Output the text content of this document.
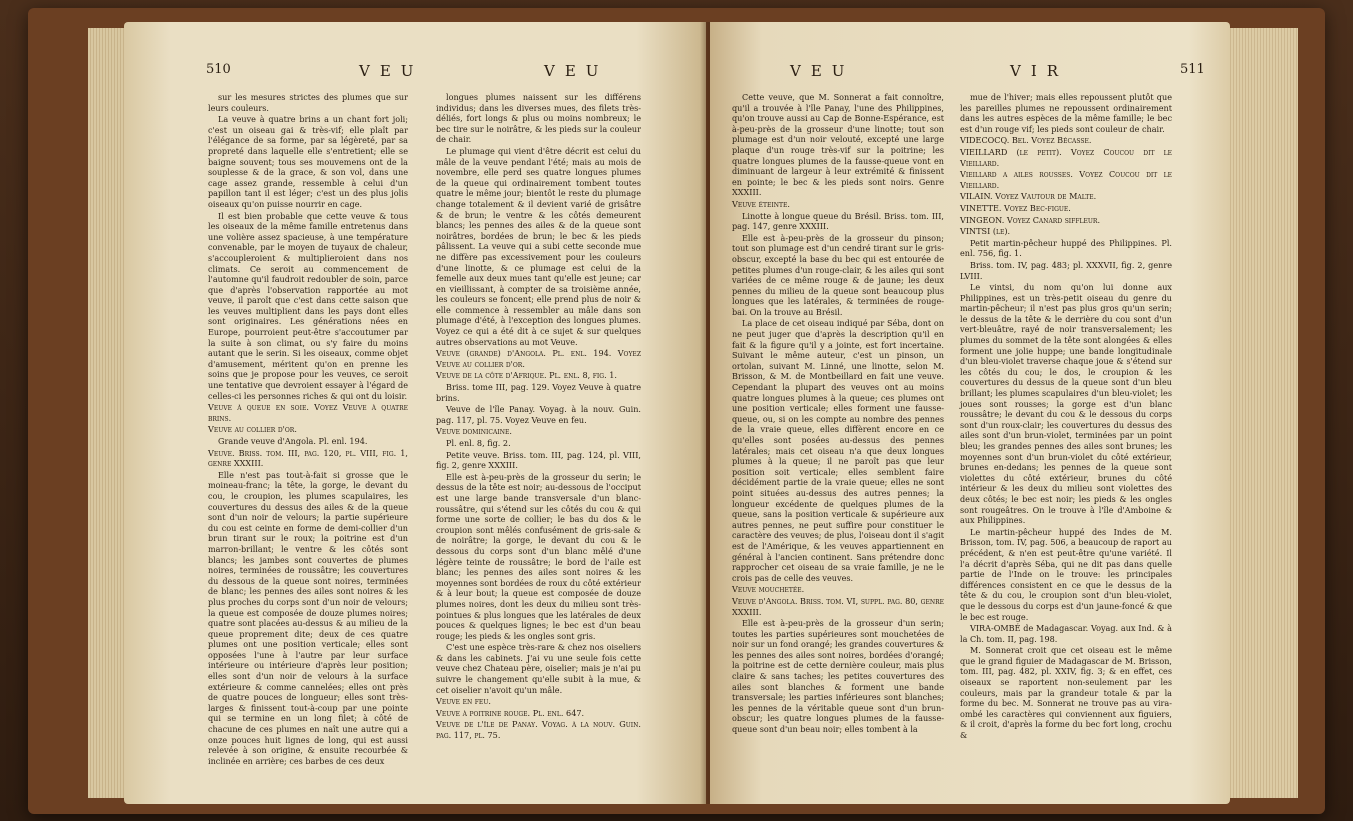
510	VEU	VEU

sur les mesures strictes des plumes que sur leurs couleurs.

La veuve à quatre brins a un chant fort joli; c'est un oiseau gai & très-vif; elle plaît par l'élégance de sa forme, par sa légèreté, par sa propreté dans laquelle elle s'entretient; elle se baigne souvent; tous ses mouvemens ont de la souplesse & de la grace, & son vol, dans une cage assez grande, ressemble à celui d'un papillon tant il est léger; c'est un des plus jolis oiseaux qu'on puisse nourrir en cage.

Il est bien probable que cette veuve & tous les oiseaux de la même famille entretenus dans une volière assez spacieuse, à une température convenable, par le moyen de tuyaux de chaleur, s'accoupleroient & multiplieroient dans nos climats. Ce seroit au commencement de l'automne qu'il faudroit redoubler de soin, parce que d'après l'observation rapportée au mot veuve, il paroît que c'est dans cette saison que les veuves multiplient dans les pays dont elles sont originaires. Les générations nées en Europe, pourroient peut-être s'accoutumer par la suite à son climat, ou s'y faire du moins autant que le serin. Si les oiseaux, comme objet d'amusement, méritent qu'on en prenne les soins que je propose pour les veuves, ce seroit une tentative que devroient essayer à l'égard de celles-ci les personnes riches & qui ont du loisir.

Veuve à queue en soie. Voyez Veuve à quatre brins.

Veuve au collier d'or.

Grande veuve d'Angola. Pl. enl. 194.

Veuve. Briss. tom. III, pag. 120, pl. VIII, fig. 1, genre XXXIII.

Elle n'est pas tout-à-fait si grosse que le moineau-franc; la tête, la gorge, le devant du cou, le croupion, les plumes scapulaires, les couvertures du dessus des ailes & de la queue sont d'un noir de velours; la partie supérieure du cou est ceinte en forme de demi-collier d'un brun tirant sur le roux; la poitrine est d'un marron-brillant; le ventre & les côtés sont blancs; les jambes sont couvertes de plumes noires, terminées de roussâtre; les couvertures du dessous de la queue sont noires, terminées de blanc; les pennes des ailes sont noires & les plus proches du corps sont d'un noir de velours; la queue est composée de douze plumes noires; quatre sont placées au-dessus & au milieu de la queue proprement dite; deux de ces quatre plumes ont une position verticale; elles sont opposées l'une à l'autre par leur surface intérieure ou intérieure d'après leur position; elles sont d'un noir de velours à la surface extérieure & comme cannelées; elles ont près de quatre pouces de longueur; elles sont très-larges & finissent tout-à-coup par une pointe qui se termine en un long filet; à côté de chacune de ces plumes en naît une autre qui a onze pouces huit lignes de long, qui est aussi relevée à son origine, & ensuite recourbée & inclinée en arrière; ces barbes de ces deux

longues plumes naissent sur les différens individus; dans les diverses mues, des filets très-déliés, fort longs & plus ou moins nombreux; le bec tire sur le noirâtre, & les pieds sur la couleur de chair.

Le plumage qui vient d'être décrit est celui du mâle de la veuve pendant l'été; mais au mois de novembre, elle perd ses quatre longues plumes de la queue qui ordinairement tombent toutes quatre le même jour; bientôt le reste du plumage change totalement & il devient varié de grisâtre & de brun; le ventre & les côtés demeurent blancs; les pennes des ailes & de la queue sont noirâtres, bordées de brun; le bec & les pieds pâlissent. La veuve qui a subi cette seconde mue ne diffère pas excessivement pour les couleurs d'une linotte, & ce plumage est celui de la femelle aux deux mues tant qu'elle est jeune; car en vieillissant, à compter de sa troisième année, les couleurs se foncent; elle prend plus de noir & elle commence à ressembler au mâle dans son plumage d'été, à l'exception des longues plumes. Voyez ce qui a été dit à ce sujet & sur quelques autres observations au mot Veuve.

Veuve (grande) d'Angola. Pl. enl. 194. Voyez Veuve au collier d'or.

Veuve de la côte d'Afrique. Pl. enl. 8, fig. 1.

Briss. tome III, pag. 129. Voyez Veuve à quatre brins.

Veuve de l'île Panay. Voyag. à la nouv. Guin. pag. 117, pl. 75. Voyez Veuve en feu.

Veuve dominicaine.

Pl. enl. 8, fig. 2.

Petite veuve. Briss. tom. III, pag. 124, pl. VIII, fig. 2, genre XXXIII.

Elle est à-peu-près de la grosseur du serin; le dessus de la tête est noir; au-dessous de l'occiput est une large bande transversale d'un blanc-roussâtre, qui s'étend sur les côtés du cou & qui forme une sorte de collier; le bas du dos & le croupion sont mêlés confusément de gris-sale & de noirâtre; la gorge, le devant du cou & le dessous du corps sont d'un blanc mêlé d'une légère teinte de roussâtre; le bord de l'aile est blanc; les pennes des ailes sont noires & les moyennes sont bordées de roux du côté extérieur & à leur bout; la queue est composée de douze plumes noires, dont les deux du milieu sont très-pointues & plus longues que les latérales de deux pouces & quelques lignes; le bec est d'un beau rouge; les pieds & les ongles sont gris.

C'est une espèce très-rare & chez nos oiseliers & dans les cabinets. J'ai vu une seule fois cette veuve chez Chateau père, oiselier; mais je n'ai pu suivre le changement qu'elle subit à la mue, & cet oiselier n'avoit qu'un mâle.

Veuve en feu.

Veuve à poitrine rouge. Pl. enl. 647.

Veuve de l'île de Panay. Voyag. à la nouv. Guin. pag. 117, pl. 75.

VEU	VIR	511

Cette veuve, que M. Sonnerat a fait connoître, qu'il a trouvée à l'île Panay, l'une des Philippines, qu'on trouve aussi au Cap de Bonne-Espérance, est à-peu-près de la grosseur d'une linotte; tout son plumage est d'un noir velouté, excepté une large plaque d'un rouge très-vif sur la poitrine; les quatre longues plumes de la fausse-queue vont en diminuant de largeur à leur extrémité & finissent en pointe; le bec & les pieds sont noirs. Genre XXXIII.

Veuve éteinte.

Linotte à longue queue du Brésil. Briss. tom. III, pag. 147, genre XXXIII.

Elle est à-peu-près de la grosseur du pinson; tout son plumage est d'un cendré tirant sur le gris-obscur, excepté la base du bec qui est entourée de petites plumes d'un rouge-clair, & les ailes qui sont variées de ce même rouge & de jaune; les deux pennes du milieu de la queue sont beaucoup plus longues que les latérales, & terminées de rouge-bai. On la trouve au Brésil.

La place de cet oiseau indiqué par Séba, dont on ne peut juger que d'après la description qu'il en fait & la figure qu'il y a jointe, est fort incertaine. Suivant le même auteur, c'est un pinson, un ortolan, suivant M. Linné, une linotte, selon M. Brisson, & M. de Montbeillard en fait une veuve. Cependant la plupart des veuves ont au moins quatre longues plumes à la queue; ces plumes ont une position verticale; elles forment une fausse-queue, ou, si on les compte au nombre des pennes de la vraie queue, elles diffèrent encore en ce qu'elles sont posées au-dessus des pennes latérales; mais cet oiseau n'a que deux longues plumes à la queue; il ne paroît pas que leur position soit verticale; elles semblent faire décidément partie de la vraie queue; elles ne sont point situées au-dessus des autres pennes; la longueur excédente de quelques plumes de la queue, sans la position verticale & supérieure aux autres pennes, ne peut suffire pour constituer le caractère des veuves; de plus, l'oiseau dont il s'agit est de l'Amérique, & les veuves appartiennent en général à l'ancien continent. Sans prétendre donc rapprocher cet oiseau de sa vraie famille, je ne le crois pas de celle des veuves.

Veuve mouchetée.

Veuve d'Angola. Briss. tom. VI, suppl. pag. 80, genre XXXIII.

Elle est à-peu-près de la grosseur d'un serin; toutes les parties supérieures sont mouchetées de noir sur un fond orangé; les grandes couvertures & les pennes des ailes sont noires, bordées d'orangé; la poitrine est de cette dernière couleur, mais plus claire & sans taches; les petites couvertures des ailes sont blanches & forment une bande transversale; les parties inférieures sont blanches; les pennes de la véritable queue sont d'un brun-obscur; les quatre longues plumes de la fausse-queue sont d'un beau noir; elles tombent à la

mue de l'hiver; mais elles repoussent plutôt que les pareilles plumes ne repoussent ordinairement dans les autres espèces de la même famille; le bec est d'un rouge vif; les pieds sont couleur de chair.

VIDECOCQ. Bel. Voyez Bécasse.

VIEILLARD (le petit). Voyez Coucou dit le Vieillard.

Vieillard a ailes rousses. Voyez Coucou dit le Vieillard.

VILAIN. Voyez Vautour de Malte.

VINETTE. Voyez Bec-figue.

VINGEON. Voyez Canard siffleur.

VINTSI (le).

Petit martin-pêcheur huppé des Philippines. Pl. enl. 756, fig. 1.

Briss. tom. IV, pag. 483; pl. XXXVII, fig. 2, genre LVIII.

Le vintsi, du nom qu'on lui donne aux Philippines, est un très-petit oiseau du genre du martin-pêcheur; il n'est pas plus gros qu'un serin; le dessus de la tête & le derrière du cou sont d'un vert-bleuâtre, rayé de noir transversalement; les plumes du sommet de la tête sont alongées & elles forment une jolie huppe; une bande longitudinale d'un bleu-violet traverse chaque joue & s'étend sur les côtés du cou; le dos, le croupion & les couvertures du dessus de la queue sont d'un bleu brillant; les plumes scapulaires d'un bleu-violet; les joues sont rousses; la gorge est d'un blanc roussâtre; le devant du cou & le dessous du corps sont d'un roux-clair; les couvertures du dessus des ailes sont d'un brun-violet, terminées par un point bleu; les grandes pennes des ailes sont brunes; les moyennes sont d'un brun-violet du côté extérieur, brunes en-dedans; les pennes de la queue sont violettes du côté extérieur, brunes du côté intérieur & les deux du milieu sont violettes des deux côtés; le bec est noir; les pieds & les ongles sont rougeâtres. On le trouve à l'île d'Amboine & aux Philippines.

Le martin-pêcheur huppé des Indes de M. Brisson, tom. IV, pag. 506, a beaucoup de raport au précédent, & n'en est peut-être qu'une variété. Il l'a décrit d'après Séba, qui ne dit pas dans quelle partie de l'Inde on le trouve: les principales différences consistent en ce que le dessus de la tête & du cou, le croupion sont d'un bleu-violet, que le dessous du corps est d'un jaune-foncé & que le bec est rouge.

VIRA-OMBÉ de Madagascar. Voyag. aux Ind. & à la Ch. tom. II, pag. 198.

M. Sonnerat croit que cet oiseau est le même que le grand figuier de Madagascar de M. Brisson, tom. III, pag. 482, pl. XXIV, fig. 3; & en effet, ces oiseaux se raportent non-seulement par les couleurs, mais par la grandeur totale & par la forme du bec. M. Sonnerat ne trouve pas au vira-ombé les caractères qui conviennent aux figuiers, & il croit, d'après la forme du bec fort long, crochu &
